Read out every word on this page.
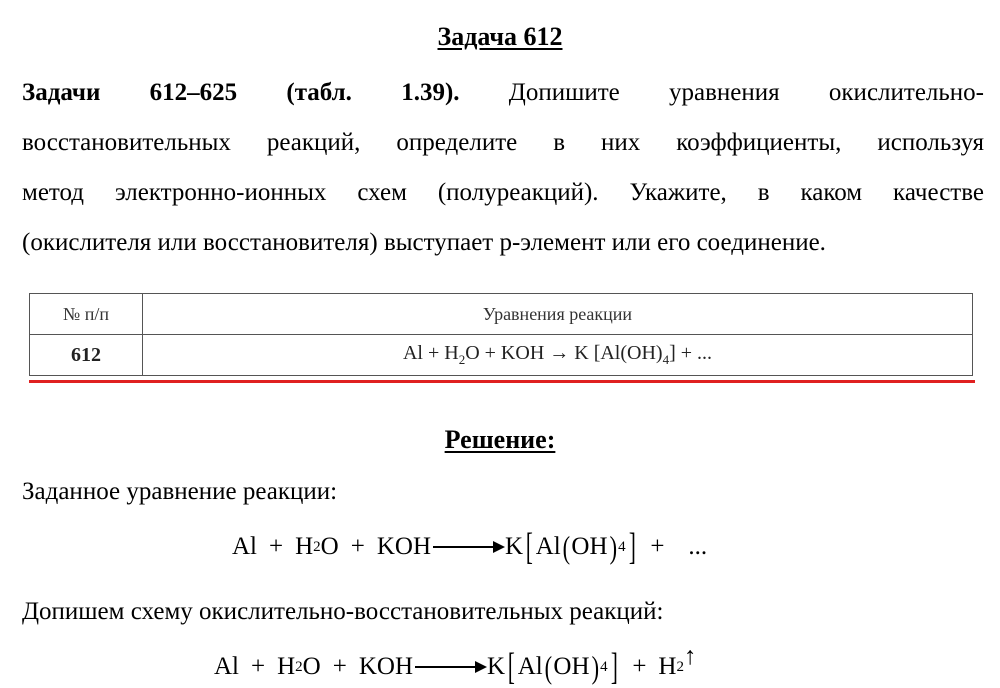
Задача 612
Задачи 612–625 (табл. 1.39). Допишите уравнения окислительно-
восстановительных реакций, определите в них коэффициенты, используя
метод электронно-ионных схем (полуреакций). Укажите, в каком качестве
(окислителя или восстановителя) выступает р-элемент или его соединение.
№ п/п	Уравнения реакции
612	$Al + H_2O$ + KOH → K $[Al(OH)_4]$ + ...
Решение:
Заданное уравнение реакции:
Al + H 2 O + KOH → K [ Al ( OH ) 4 ] + ...
Допишем схему окислительно-восстановительных реакций:
Al + H 2 O + KOH → K [ Al ( OH ) 4 ] + H 2 ↑
